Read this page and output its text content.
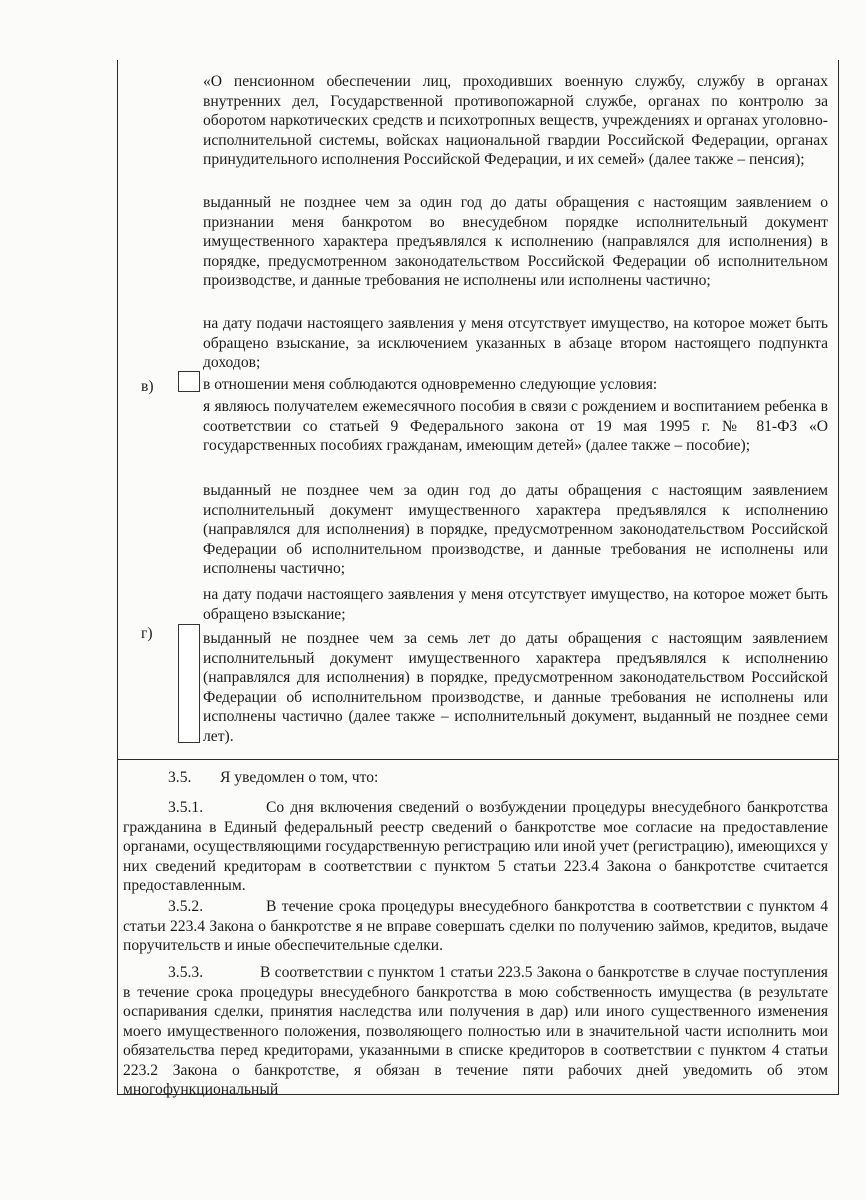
«О пенсионном обеспечении лиц, проходивших военную службу, службу в органах внутренних дел, Государственной противопожарной службе, органах по контролю за оборотом наркотических средств и психотропных веществ, учреждениях и органах уголовно-исполнительной системы, войсках национальной гвардии Российской Федерации, органах принудительного исполнения Российской Федерации, и их семей» (далее также – пенсия);
выданный не позднее чем за один год до даты обращения с настоящим заявлением о признании меня банкротом во внесудебном порядке исполнительный документ имущественного характера предъявлялся к исполнению (направлялся для исполнения) в порядке, предусмотренном законодательством Российской Федерации об исполнительном производстве, и данные требования не исполнены или исполнены частично;
на дату подачи настоящего заявления у меня отсутствует имущество, на которое может быть обращено взыскание, за исключением указанных в абзаце втором настоящего подпункта доходов;
в)	в отношении меня соблюдаются одновременно следующие условия:
я являюсь получателем ежемесячного пособия в связи с рождением и воспитанием ребенка в соответствии со статьей 9 Федерального закона от 19 мая 1995 г. № 81-ФЗ «О государственных пособиях гражданам, имеющим детей» (далее также – пособие);
выданный не позднее чем за один год до даты обращения с настоящим заявлением исполнительный документ имущественного характера предъявлялся к исполнению (направлялся для исполнения) в порядке, предусмотренном законодательством Российской Федерации об исполнительном производстве, и данные требования не исполнены или исполнены частично;
на дату подачи настоящего заявления у меня отсутствует имущество, на которое может быть обращено взыскание;
г)	выданный не позднее чем за семь лет до даты обращения с настоящим заявлением исполнительный документ имущественного характера предъявлялся к исполнению (направлялся для исполнения) в порядке, предусмотренном законодательством Российской Федерации об исполнительном производстве, и данные требования не исполнены или исполнены частично (далее также – исполнительный документ, выданный не позднее семи лет).
3.5. Я уведомлен о том, что:
3.5.1.	Со дня включения сведений о возбуждении процедуры внесудебного банкротства гражданина в Единый федеральный реестр сведений о банкротстве мое согласие на предоставление органами, осуществляющими государственную регистрацию или иной учет (регистрацию), имеющихся у них сведений кредиторам в соответствии с пунктом 5 статьи 223.4 Закона о банкротстве считается предоставленным.
3.5.2.	В течение срока процедуры внесудебного банкротства в соответствии с пунктом 4 статьи 223.4 Закона о банкротстве я не вправе совершать сделки по получению займов, кредитов, выдаче поручительств и иные обеспечительные сделки.
3.5.3.	В соответствии с пунктом 1 статьи 223.5 Закона о банкротстве в случае поступления в течение срока процедуры внесудебного банкротства в мою собственность имущества (в результате оспаривания сделки, принятия наследства или получения в дар) или иного существенного изменения моего имущественного положения, позволяющего полностью или в значительной части исполнить мои обязательства перед кредиторами, указанными в списке кредиторов в соответствии с пунктом 4 статьи 223.2 Закона о банкротстве, я обязан в течение пяти рабочих дней уведомить об этом многофункциональный
